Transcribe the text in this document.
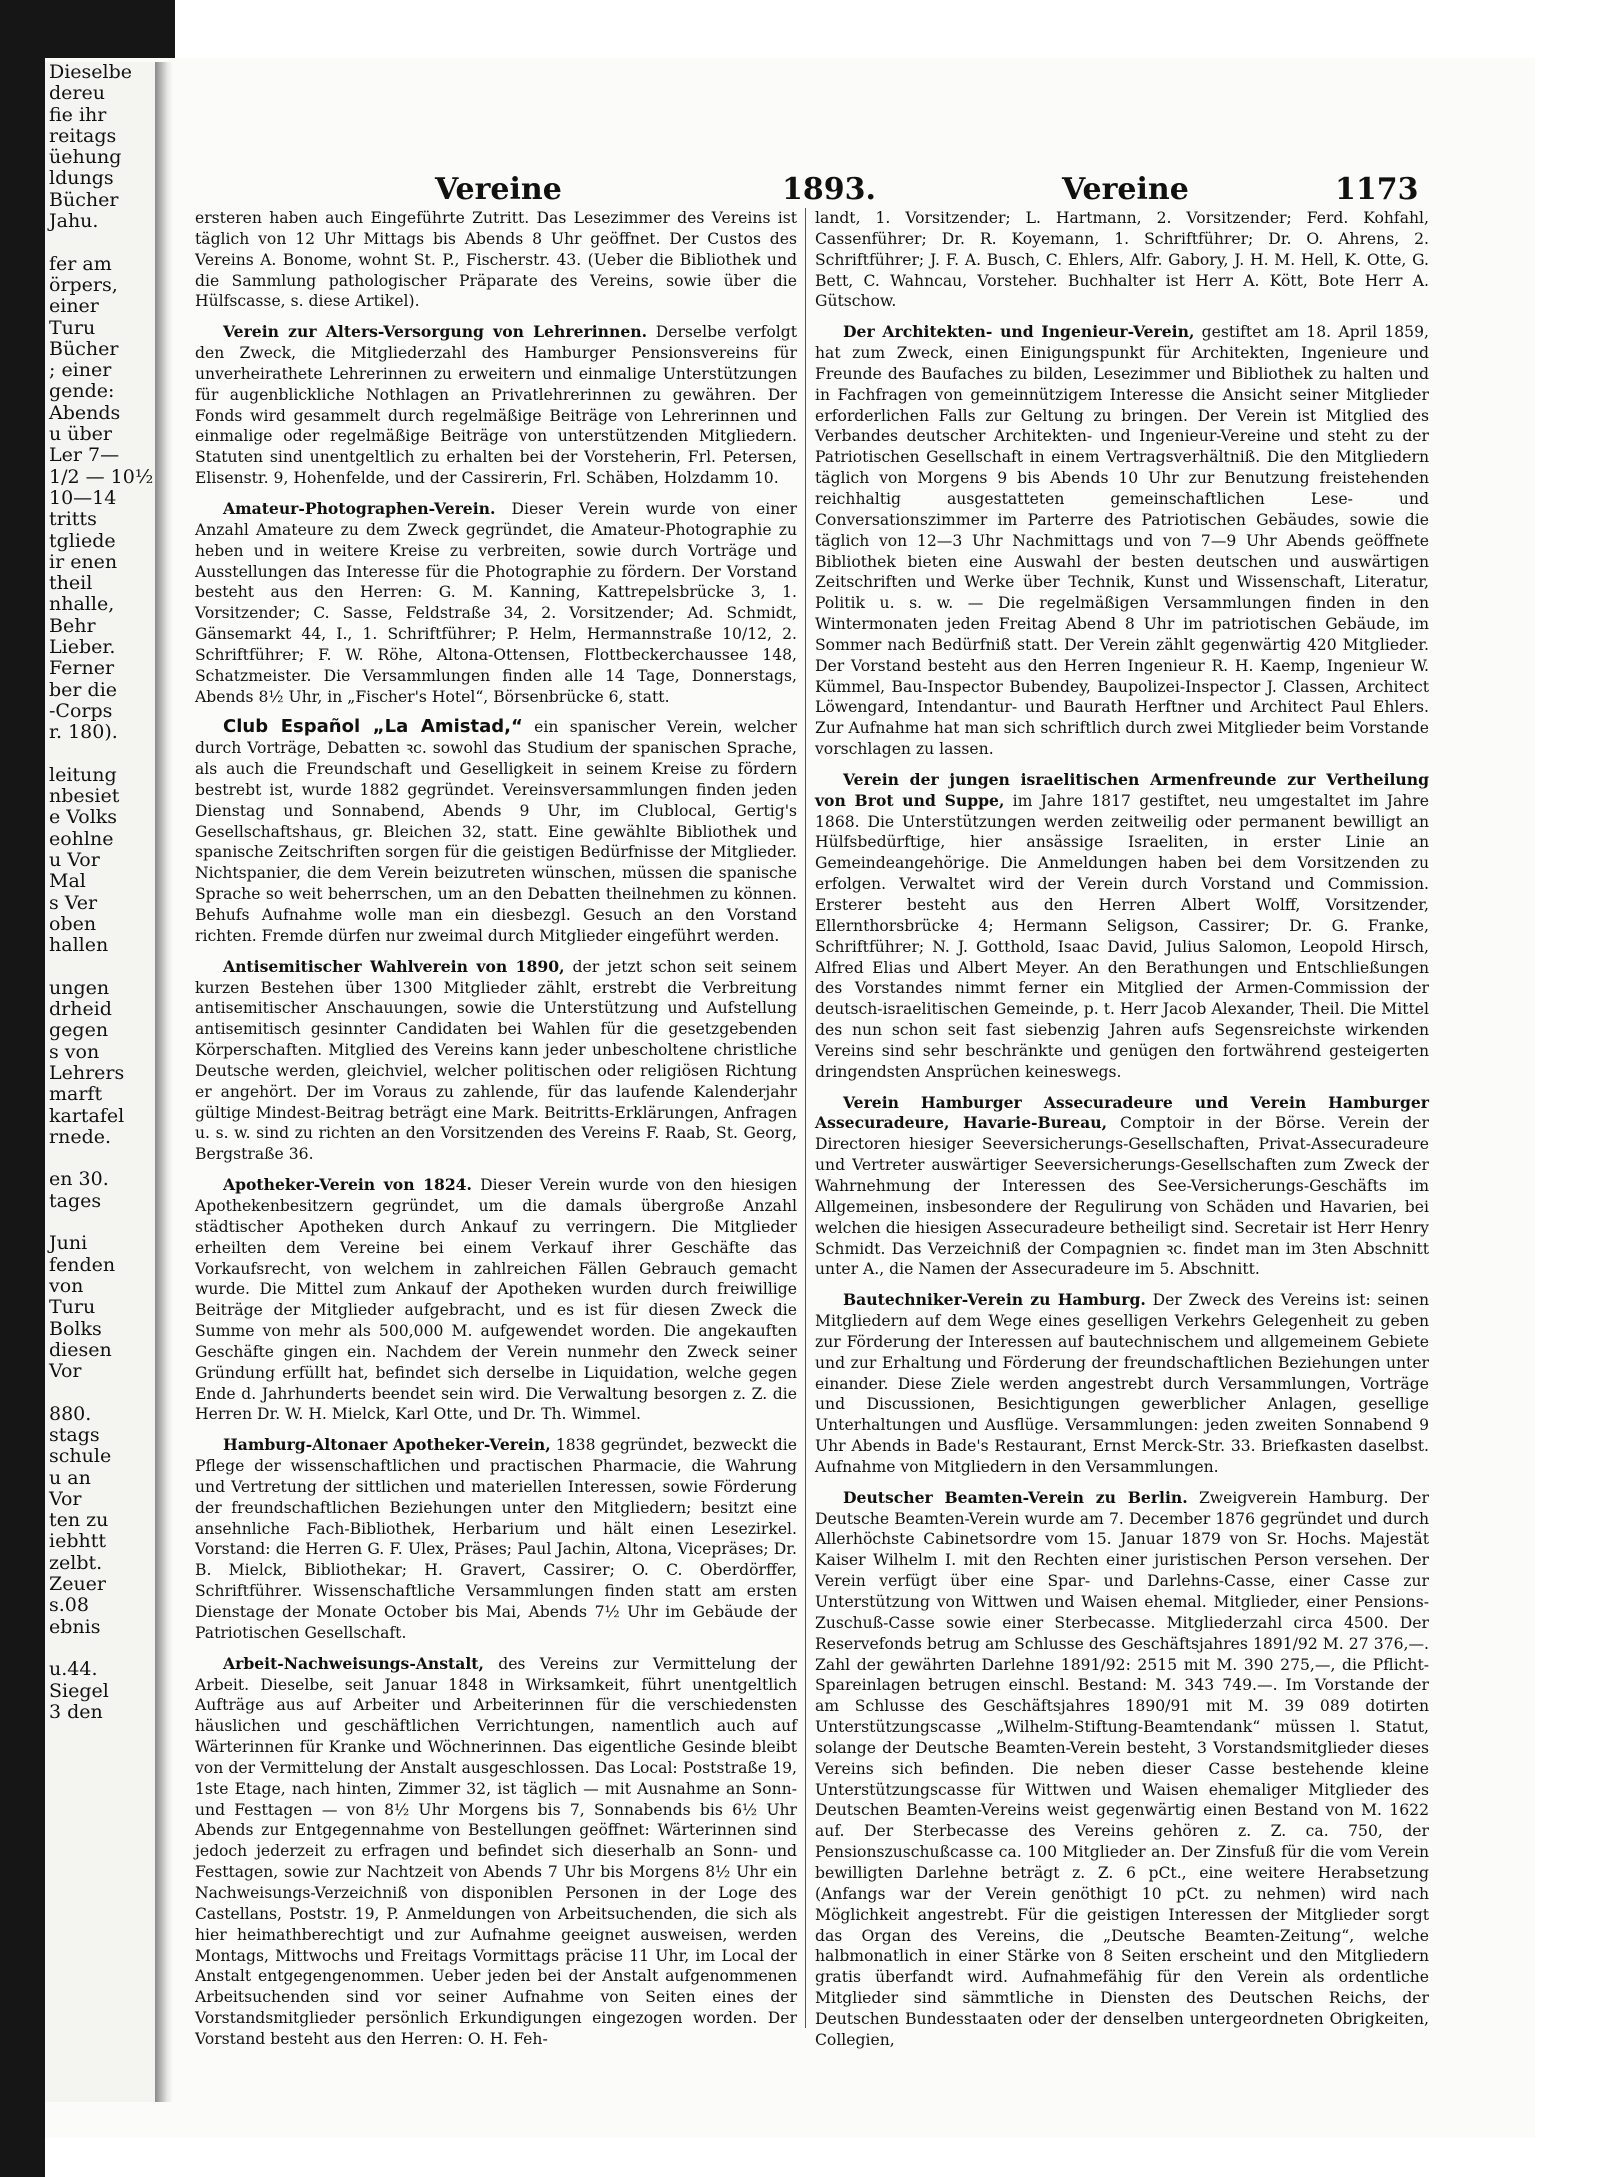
Dieselbe
dereu
fie ihr
reitags
üehung
ldungs
Bücher
Jahu.

fer am
örpers,
einer
Turu
Bücher
; einer
gende:
Abends
u über
Ler 7—
1/2 — 10½
10—14
tritts
tgliede
ir enen
theil
nhalle,
Behr
Lieber.
Ferner
ber die
-Corps
r. 180).

leitung
nbesiet
e Volks
eohlne
u Vor
Mal
s Ver
oben
hallen

ungen
drheid
gegen
s von
Lehrers
marft
kartafel
rnede.

en 30.
tages

Juni
fenden
von
Turu
Bolks
diesen
Vor

880.
stags
schule
u an
Vor
ten zu
iebhtt
zelbt.
Zeuer
s.08
ebnis

u.44.
Siegel
3 den
Vereine	1893.	Vereine	1173

ersteren haben auch Eingeführte Zutritt. Das Lesezimmer des Vereins ist täglich von 12 Uhr Mittags bis Abends 8 Uhr geöffnet. Der Custos des Vereins A. Bonome, wohnt St. P., Fischerstr. 43. (Ueber die Bibliothek und die Sammlung pathologischer Präparate des Vereins, sowie über die Hülfscasse, s. diese Artikel).

Verein zur Alters-Versorgung von Lehrerinnen. Derselbe verfolgt den Zweck, die Mitgliederzahl des Hamburger Pensionsvereins für unverheirathete Lehrerinnen zu erweitern und einmalige Unterstützungen für augenblickliche Nothlagen an Privatlehrerinnen zu gewähren. Der Fonds wird gesammelt durch regelmäßige Beiträge von Lehrerinnen und einmalige oder regelmäßige Beiträge von unterstützenden Mitgliedern. Statuten sind unentgeltlich zu erhalten bei der Vorsteherin, Frl. Petersen, Elisenstr. 9, Hohenfelde, und der Cassirerin, Frl. Schäben, Holzdamm 10.

Amateur-Photographen-Verein. Dieser Verein wurde von einer Anzahl Amateure zu dem Zweck gegründet, die Amateur-Photographie zu heben und in weitere Kreise zu verbreiten, sowie durch Vorträge und Ausstellungen das Interesse für die Photographie zu fördern. Der Vorstand besteht aus den Herren: G. M. Kanning, Kattrepelsbrücke 3, 1. Vorsitzender; C. Sasse, Feldstraße 34, 2. Vorsitzender; Ad. Schmidt, Gänsemarkt 44, I., 1. Schriftführer; P. Helm, Hermannstraße 10/12, 2. Schriftführer; F. W. Röhe, Altona-Ottensen, Flottbeckerchaussee 148, Schatzmeister. Die Versammlungen finden alle 14 Tage, Donnerstags, Abends 8½ Uhr, in „Fischer's Hotel“, Börsenbrücke 6, statt.

Club Español „La Amistad,“ ein spanischer Verein, welcher durch Vorträge, Debatten ꝛc. sowohl das Studium der spanischen Sprache, als auch die Freundschaft und Geselligkeit in seinem Kreise zu fördern bestrebt ist, wurde 1882 gegründet. Vereinsversammlungen finden jeden Dienstag und Sonnabend, Abends 9 Uhr, im Clublocal, Gertig's Gesellschaftshaus, gr. Bleichen 32, statt. Eine gewählte Bibliothek und spanische Zeitschriften sorgen für die geistigen Bedürfnisse der Mitglieder. Nichtspanier, die dem Verein beizutreten wünschen, müssen die spanische Sprache so weit beherrschen, um an den Debatten theilnehmen zu können. Behufs Aufnahme wolle man ein diesbezgl. Gesuch an den Vorstand richten. Fremde dürfen nur zweimal durch Mitglieder eingeführt werden.

Antisemitischer Wahlverein von 1890, der jetzt schon seit seinem kurzen Bestehen über 1300 Mitglieder zählt, erstrebt die Verbreitung antisemitischer Anschauungen, sowie die Unterstützung und Aufstellung antisemitisch gesinnter Candidaten bei Wahlen für die gesetzgebenden Körperschaften. Mitglied des Vereins kann jeder unbescholtene christliche Deutsche werden, gleichviel, welcher politischen oder religiösen Richtung er angehört. Der im Voraus zu zahlende, für das laufende Kalenderjahr gültige Mindest-Beitrag beträgt eine Mark. Beitritts-Erklärungen, Anfragen u. s. w. sind zu richten an den Vorsitzenden des Vereins F. Raab, St. Georg, Bergstraße 36.

Apotheker-Verein von 1824. Dieser Verein wurde von den hiesigen Apothekenbesitzern gegründet, um die damals übergroße Anzahl städtischer Apotheken durch Ankauf zu verringern. Die Mitglieder erheilten dem Vereine bei einem Verkauf ihrer Geschäfte das Vorkaufsrecht, von welchem in zahlreichen Fällen Gebrauch gemacht wurde. Die Mittel zum Ankauf der Apotheken wurden durch freiwillige Beiträge der Mitglieder aufgebracht, und es ist für diesen Zweck die Summe von mehr als 500,000 M. aufgewendet worden. Die angekauften Geschäfte gingen ein. Nachdem der Verein nunmehr den Zweck seiner Gründung erfüllt hat, befindet sich derselbe in Liquidation, welche gegen Ende d. Jahrhunderts beendet sein wird. Die Verwaltung besorgen z. Z. die Herren Dr. W. H. Mielck, Karl Otte, und Dr. Th. Wimmel.

Hamburg-Altonaer Apotheker-Verein, 1838 gegründet, bezweckt die Pflege der wissenschaftlichen und practischen Pharmacie, die Wahrung und Vertretung der sittlichen und materiellen Interessen, sowie Förderung der freundschaftlichen Beziehungen unter den Mitgliedern; besitzt eine ansehnliche Fach-Bibliothek, Herbarium und hält einen Lesezirkel. Vorstand: die Herren G. F. Ulex, Präses; Paul Jachin, Altona, Vicepräses; Dr. B. Mielck, Bibliothekar; H. Gravert, Cassirer; O. C. Oberdörffer, Schriftführer. Wissenschaftliche Versammlungen finden statt am ersten Dienstage der Monate October bis Mai, Abends 7½ Uhr im Gebäude der Patriotischen Gesellschaft.

Arbeit-Nachweisungs-Anstalt, des Vereins zur Vermittelung der Arbeit. Dieselbe, seit Januar 1848 in Wirksamkeit, führt unentgeltlich Aufträge aus auf Arbeiter und Arbeiterinnen für die verschiedensten häuslichen und geschäftlichen Verrichtungen, namentlich auch auf Wärterinnen für Kranke und Wöchnerinnen. Das eigentliche Gesinde bleibt von der Vermittelung der Anstalt ausgeschlossen. Das Local: Poststraße 19, 1ste Etage, nach hinten, Zimmer 32, ist täglich — mit Ausnahme an Sonn- und Festtagen — von 8½ Uhr Morgens bis 7, Sonnabends bis 6½ Uhr Abends zur Entgegennahme von Bestellungen geöffnet: Wärterinnen sind jedoch jederzeit zu erfragen und befindet sich dieserhalb an Sonn- und Festtagen, sowie zur Nachtzeit von Abends 7 Uhr bis Morgens 8½ Uhr ein Nachweisungs-Verzeichniß von disponiblen Personen in der Loge des Castellans, Poststr. 19, P. Anmeldungen von Arbeitsuchenden, die sich als hier heimathberechtigt und zur Aufnahme geeignet ausweisen, werden Montags, Mittwochs und Freitags Vormittags präcise 11 Uhr, im Local der Anstalt entgegengenommen. Ueber jeden bei der Anstalt aufgenommenen Arbeitsuchenden sind vor seiner Aufnahme von Seiten eines der Vorstandsmitglieder persönlich Erkundigungen eingezogen worden. Der Vorstand besteht aus den Herren: O. H. Feh-

landt, 1. Vorsitzender; L. Hartmann, 2. Vorsitzender; Ferd. Kohfahl, Cassenführer; Dr. R. Koyemann, 1. Schriftführer; Dr. O. Ahrens, 2. Schriftführer; J. F. A. Busch, C. Ehlers, Alfr. Gabory, J. H. M. Hell, K. Otte, G. Bett, C. Wahncau, Vorsteher. Buchhalter ist Herr A. Kött, Bote Herr A. Gütschow.

Der Architekten- und Ingenieur-Verein, gestiftet am 18. April 1859, hat zum Zweck, einen Einigungspunkt für Architekten, Ingenieure und Freunde des Baufaches zu bilden, Lesezimmer und Bibliothek zu halten und in Fachfragen von gemeinnützigem Interesse die Ansicht seiner Mitglieder erforderlichen Falls zur Geltung zu bringen. Der Verein ist Mitglied des Verbandes deutscher Architekten- und Ingenieur-Vereine und steht zu der Patriotischen Gesellschaft in einem Vertragsverhältniß. Die den Mitgliedern täglich von Morgens 9 bis Abends 10 Uhr zur Benutzung freistehenden reichhaltig ausgestatteten gemeinschaftlichen Lese- und Conversationszimmer im Parterre des Patriotischen Gebäudes, sowie die täglich von 12—3 Uhr Nachmittags und von 7—9 Uhr Abends geöffnete Bibliothek bieten eine Auswahl der besten deutschen und auswärtigen Zeitschriften und Werke über Technik, Kunst und Wissenschaft, Literatur, Politik u. s. w. — Die regelmäßigen Versammlungen finden in den Wintermonaten jeden Freitag Abend 8 Uhr im patriotischen Gebäude, im Sommer nach Bedürfniß statt. Der Verein zählt gegenwärtig 420 Mitglieder. Der Vorstand besteht aus den Herren Ingenieur R. H. Kaemp, Ingenieur W. Kümmel, Bau-Inspector Bubendey, Baupolizei-Inspector J. Classen, Architect Löwengard, Intendantur- und Baurath Herftner und Architect Paul Ehlers. Zur Aufnahme hat man sich schriftlich durch zwei Mitglieder beim Vorstande vorschlagen zu lassen.

Verein der jungen israelitischen Armenfreunde zur Vertheilung von Brot und Suppe, im Jahre 1817 gestiftet, neu umgestaltet im Jahre 1868. Die Unterstützungen werden zeitweilig oder permanent bewilligt an Hülfsbedürftige, hier ansässige Israeliten, in erster Linie an Gemeindeangehörige. Die Anmeldungen haben bei dem Vorsitzenden zu erfolgen. Verwaltet wird der Verein durch Vorstand und Commission. Ersterer besteht aus den Herren Albert Wolff, Vorsitzender, Ellernthorsbrücke 4; Hermann Seligson, Cassirer; Dr. G. Franke, Schriftführer; N. J. Gotthold, Isaac David, Julius Salomon, Leopold Hirsch, Alfred Elias und Albert Meyer. An den Berathungen und Entschließungen des Vorstandes nimmt ferner ein Mitglied der Armen-Commission der deutsch-israelitischen Gemeinde, p. t. Herr Jacob Alexander, Theil. Die Mittel des nun schon seit fast siebenzig Jahren aufs Segensreichste wirkenden Vereins sind sehr beschränkte und genügen den fortwährend gesteigerten dringendsten Ansprüchen keineswegs.

Verein Hamburger Assecuradeure und Verein Hamburger Assecuradeure, Havarie-Bureau, Comptoir in der Börse. Verein der Directoren hiesiger Seeversicherungs-Gesellschaften, Privat-Assecuradeure und Vertreter auswärtiger Seeversicherungs-Gesellschaften zum Zweck der Wahrnehmung der Interessen des See-Versicherungs-Geschäfts im Allgemeinen, insbesondere der Regulirung von Schäden und Havarien, bei welchen die hiesigen Assecuradeure betheiligt sind. Secretair ist Herr Henry Schmidt. Das Verzeichniß der Compagnien ꝛc. findet man im 3ten Abschnitt unter A., die Namen der Assecuradeure im 5. Abschnitt.

Bautechniker-Verein zu Hamburg. Der Zweck des Vereins ist: seinen Mitgliedern auf dem Wege eines geselligen Verkehrs Gelegenheit zu geben zur Förderung der Interessen auf bautechnischem und allgemeinem Gebiete und zur Erhaltung und Förderung der freundschaftlichen Beziehungen unter einander. Diese Ziele werden angestrebt durch Versammlungen, Vorträge und Discussionen, Besichtigungen gewerblicher Anlagen, gesellige Unterhaltungen und Ausflüge. Versammlungen: jeden zweiten Sonnabend 9 Uhr Abends in Bade's Restaurant, Ernst Merck-Str. 33. Briefkasten daselbst. Aufnahme von Mitgliedern in den Versammlungen.

Deutscher Beamten-Verein zu Berlin. Zweigverein Hamburg. Der Deutsche Beamten-Verein wurde am 7. December 1876 gegründet und durch Allerhöchste Cabinetsordre vom 15. Januar 1879 von Sr. Hochs. Majestät Kaiser Wilhelm I. mit den Rechten einer juristischen Person versehen. Der Verein verfügt über eine Spar- und Darlehns-Casse, einer Casse zur Unterstützung von Wittwen und Waisen ehemal. Mitglieder, einer Pensions-Zuschuß-Casse sowie einer Sterbecasse. Mitgliederzahl circa 4500. Der Reservefonds betrug am Schlusse des Geschäftsjahres 1891/92 M. 27 376,—. Zahl der gewährten Darlehne 1891/92: 2515 mit M. 390 275,—, die Pflicht-Spareinlagen betrugen einschl. Bestand: M. 343 749.—. Im Vorstande der am Schlusse des Geschäftsjahres 1890/91 mit M. 39 089 dotirten Unterstützungscasse „Wilhelm-Stiftung-Beamtendank“ müssen l. Statut, solange der Deutsche Beamten-Verein besteht, 3 Vorstandsmitglieder dieses Vereins sich befinden. Die neben dieser Casse bestehende kleine Unterstützungscasse für Wittwen und Waisen ehemaliger Mitglieder des Deutschen Beamten-Vereins weist gegenwärtig einen Bestand von M. 1622 auf. Der Sterbecasse des Vereins gehören z. Z. ca. 750, der Pensionszuschußcasse ca. 100 Mitglieder an. Der Zinsfuß für die vom Verein bewilligten Darlehne beträgt z. Z. 6 pCt., eine weitere Herabsetzung (Anfangs war der Verein genöthigt 10 pCt. zu nehmen) wird nach Möglichkeit angestrebt. Für die geistigen Interessen der Mitglieder sorgt das Organ des Vereins, die „Deutsche Beamten-Zeitung“, welche halbmonatlich in einer Stärke von 8 Seiten erscheint und den Mitgliedern gratis überfandt wird. Aufnahmefähig für den Verein als ordentliche Mitglieder sind sämmtliche in Diensten des Deutschen Reichs, der Deutschen Bundesstaaten oder der denselben untergeordneten Obrigkeiten, Collegien,
